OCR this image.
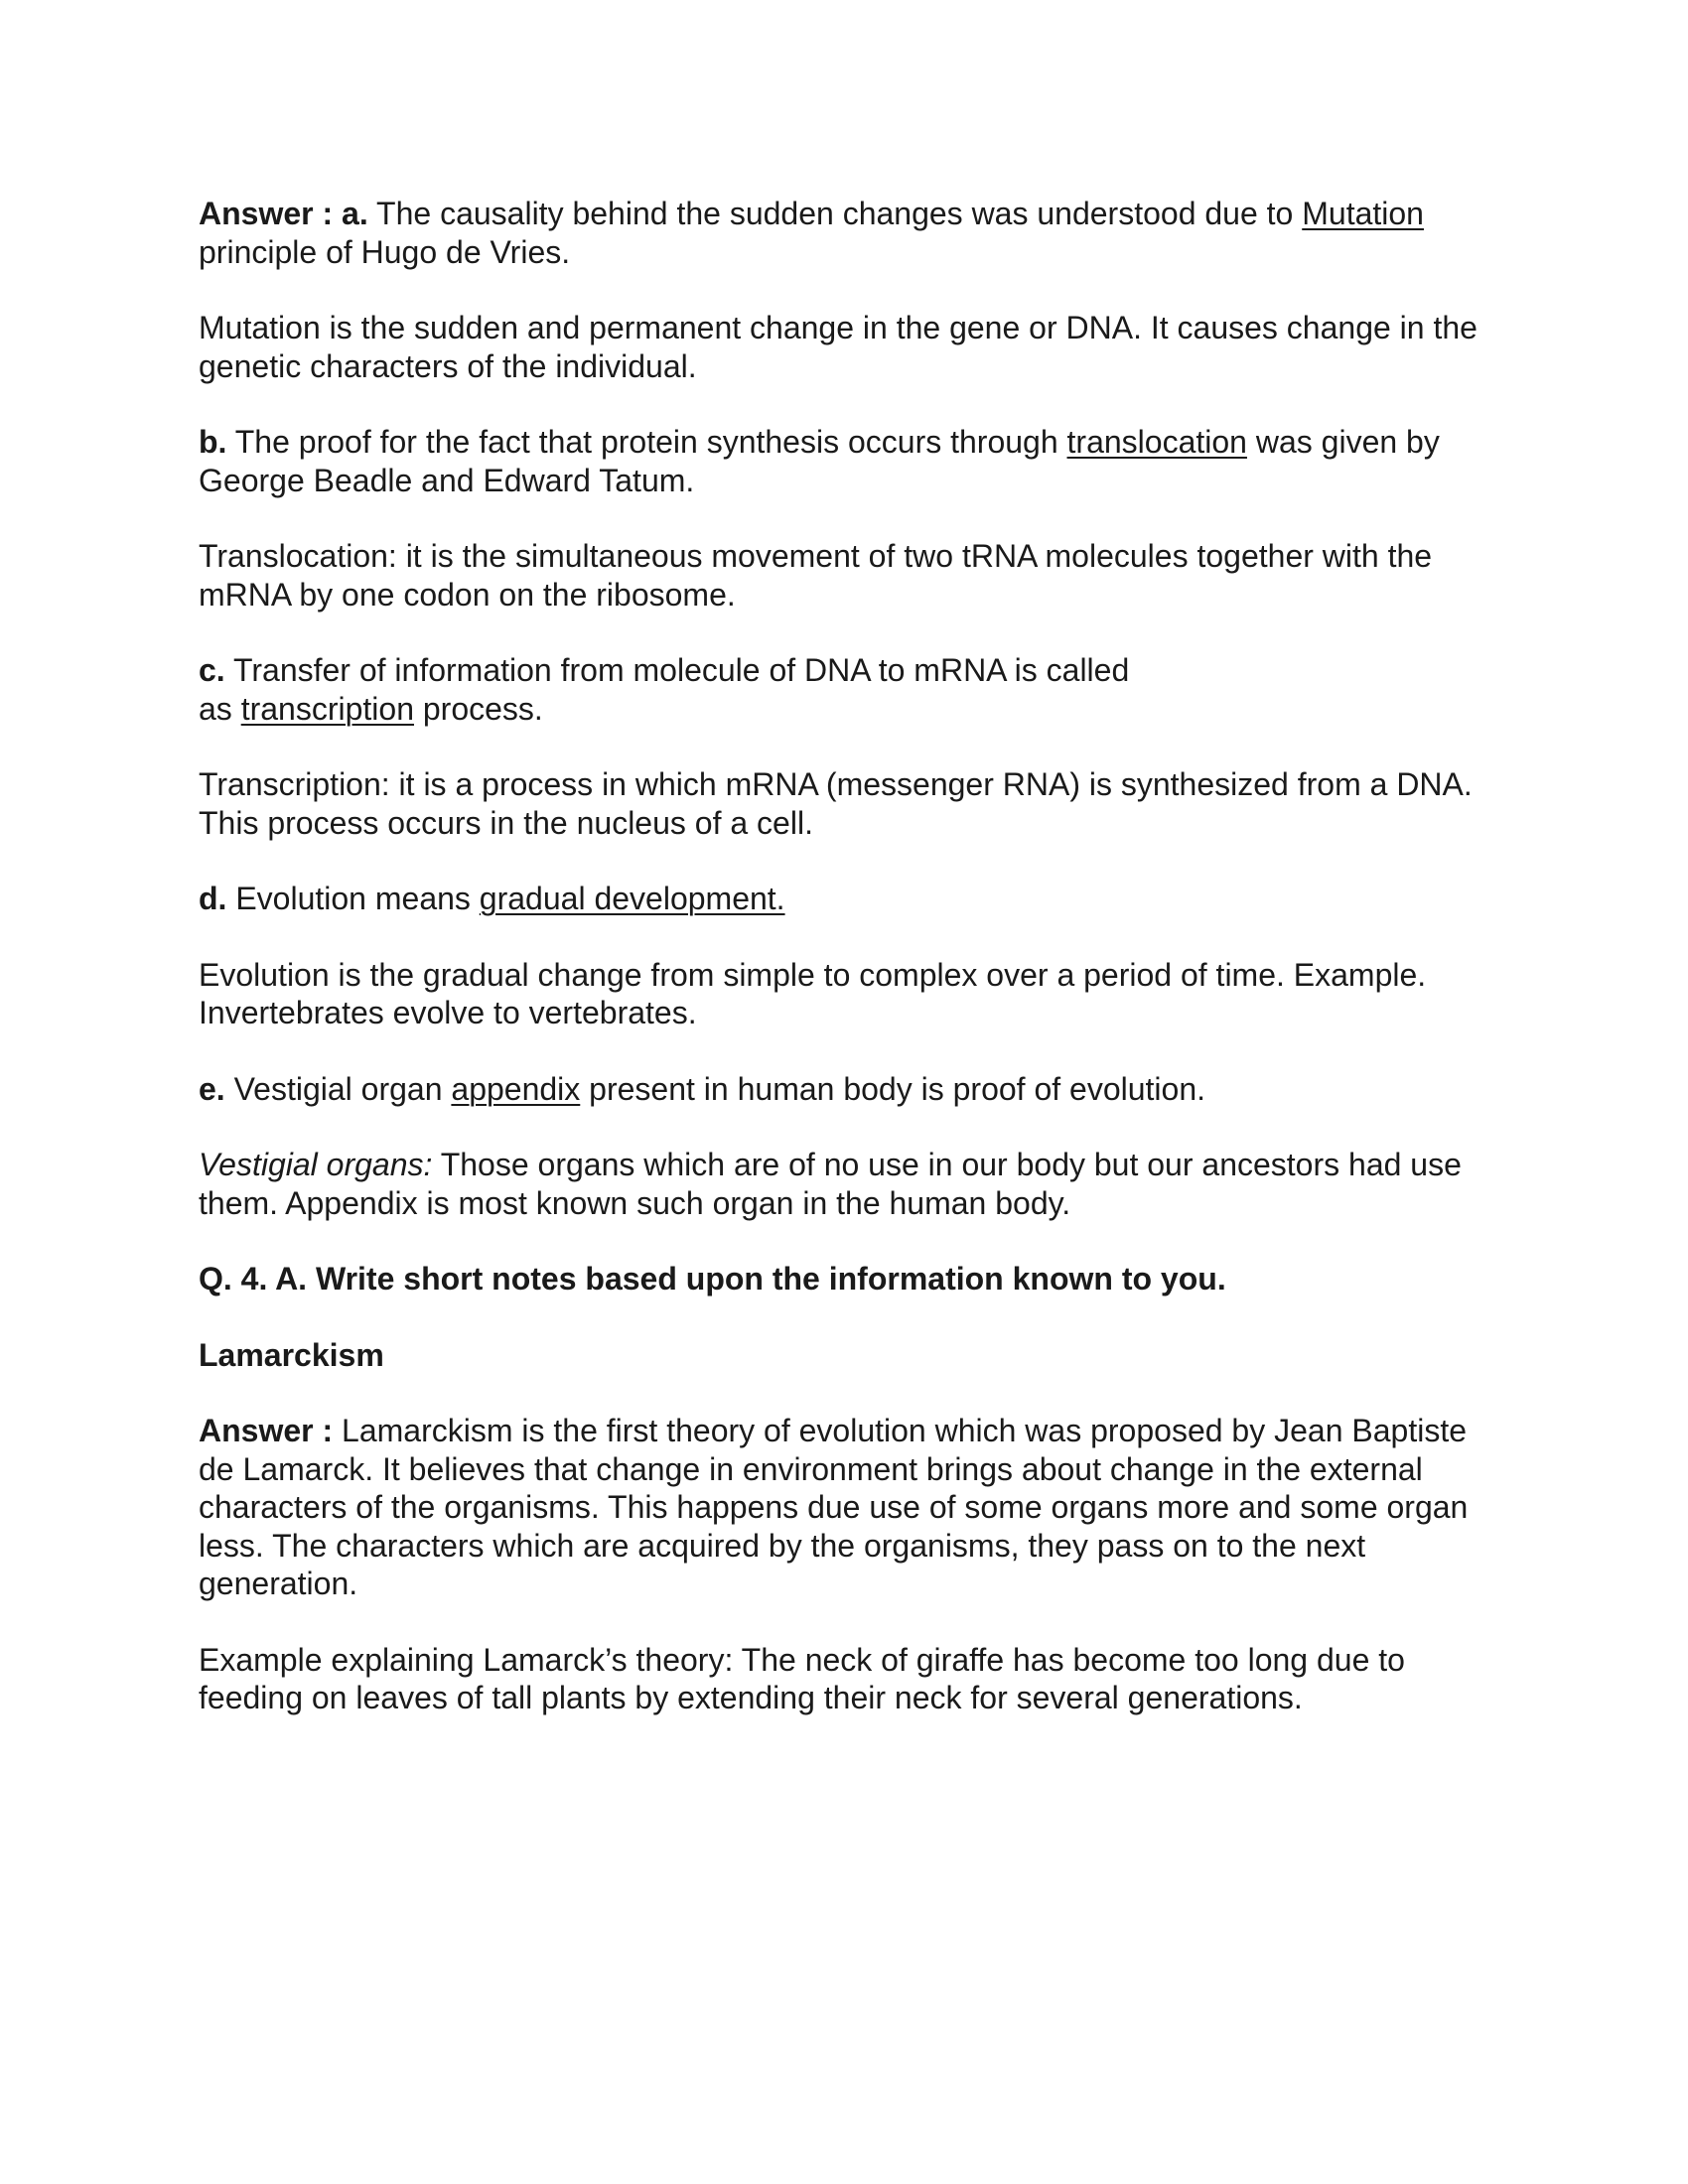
Answer : a. The causality behind the sudden changes was understood due to Mutation
principle of Hugo de Vries.

Mutation is the sudden and permanent change in the gene or DNA. It causes change in the genetic characters of the individual.

b. The proof for the fact that protein synthesis occurs through translocation was given by George Beadle and Edward Tatum.

Translocation: it is the simultaneous movement of two tRNA molecules together with the mRNA by one codon on the ribosome.

c. Transfer of information from molecule of DNA to mRNA is called
as transcription process.

Transcription: it is a process in which mRNA (messenger RNA) is synthesized from a DNA. This process occurs in the nucleus of a cell.

d. Evolution means gradual development.

Evolution is the gradual change from simple to complex over a period of time. Example. Invertebrates evolve to vertebrates.

e. Vestigial organ appendix present in human body is proof of evolution.

Vestigial organs: Those organs which are of no use in our body but our ancestors had use them. Appendix is most known such organ in the human body.

Q. 4. A. Write short notes based upon the information known to you.

Lamarckism

Answer : Lamarckism is the first theory of evolution which was proposed by Jean Baptiste de Lamarck. It believes that change in environment brings about change in the external characters of the organisms. This happens due use of some organs more and some organ less. The characters which are acquired by the organisms, they pass on to the next generation.

Example explaining Lamarck’s theory: The neck of giraffe has become too long due to feeding on leaves of tall plants by extending their neck for several generations.
